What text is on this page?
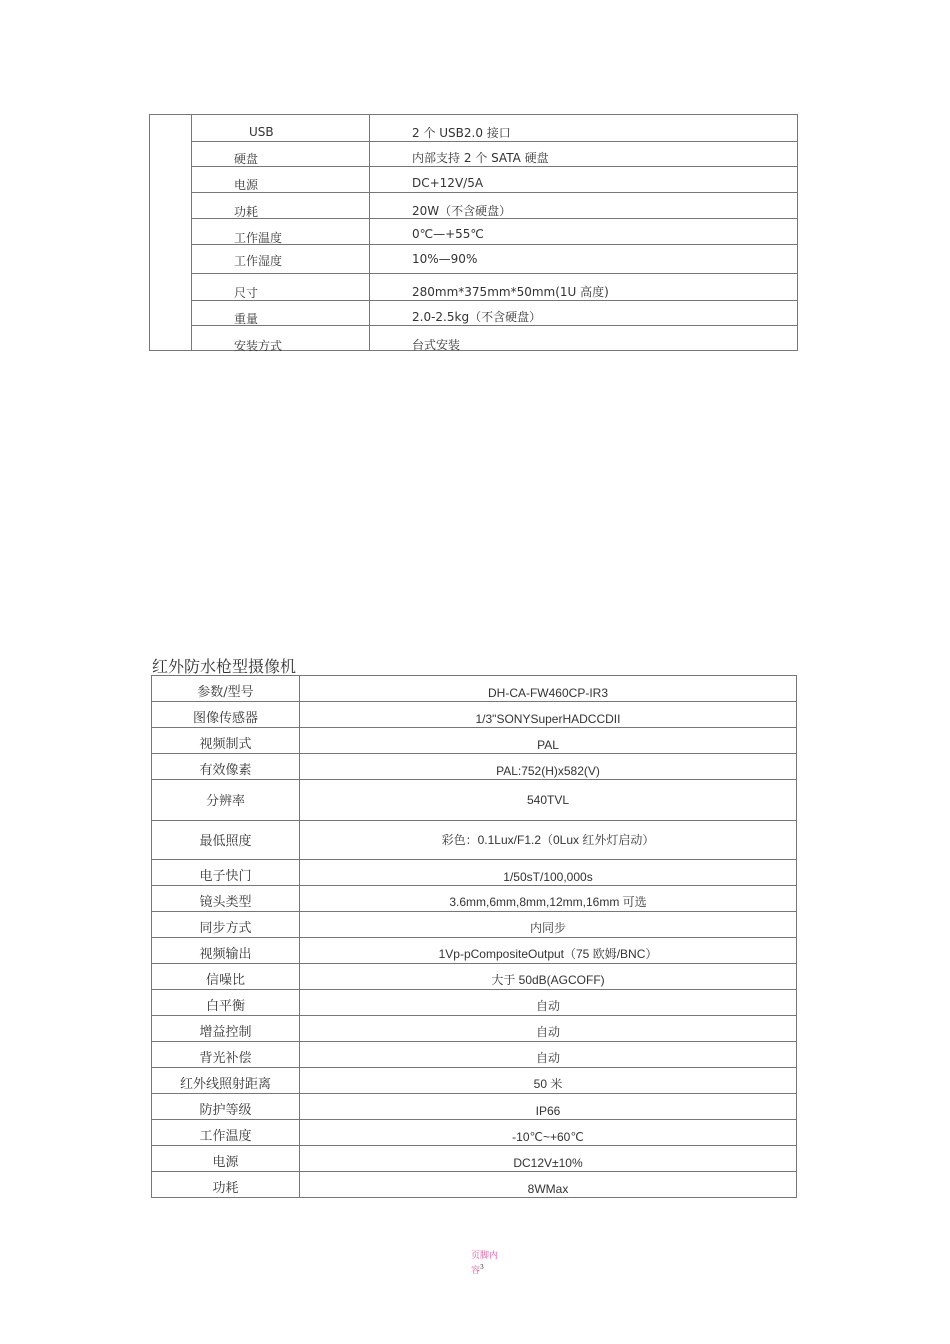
USB	2 个 USB2.0 接口
硬盘	内部支持 2 个 SATA 硬盘
电源	DC+12V/5A
功耗	20W（不含硬盘）
工作温度	0℃—+55℃
工作湿度	10%—90%
尺寸	280mm*375mm*50mm(1U 高度)
重量	2.0-2.5kg（不含硬盘）
安装方式	台式安装
红外防水枪型摄像机
参数/型号	DH-CA-FW460CP-IR3
图像传感器	1/3"SONYSuperHADCCDII
视频制式	PAL
有效像素	PAL:752(H)x582(V)
分辨率	540TVL
最低照度	彩色：0.1Lux/F1.2（0Lux 红外灯启动）
电子快门	1/50sT/100,000s
镜头类型	3.6mm,6mm,8mm,12mm,16mm 可选
同步方式	内同步
视频输出	1Vp-pCompositeOutput（75 欧姆/BNC）
信噪比	大于 50dB(AGCOFF)
白平衡	自动
增益控制	自动
背光补偿	自动
红外线照射距离	50 米
防护等级	IP66
工作温度	-10℃~+60℃
电源	DC12V±10%
功耗	8WMax
页脚内
容$^3$
